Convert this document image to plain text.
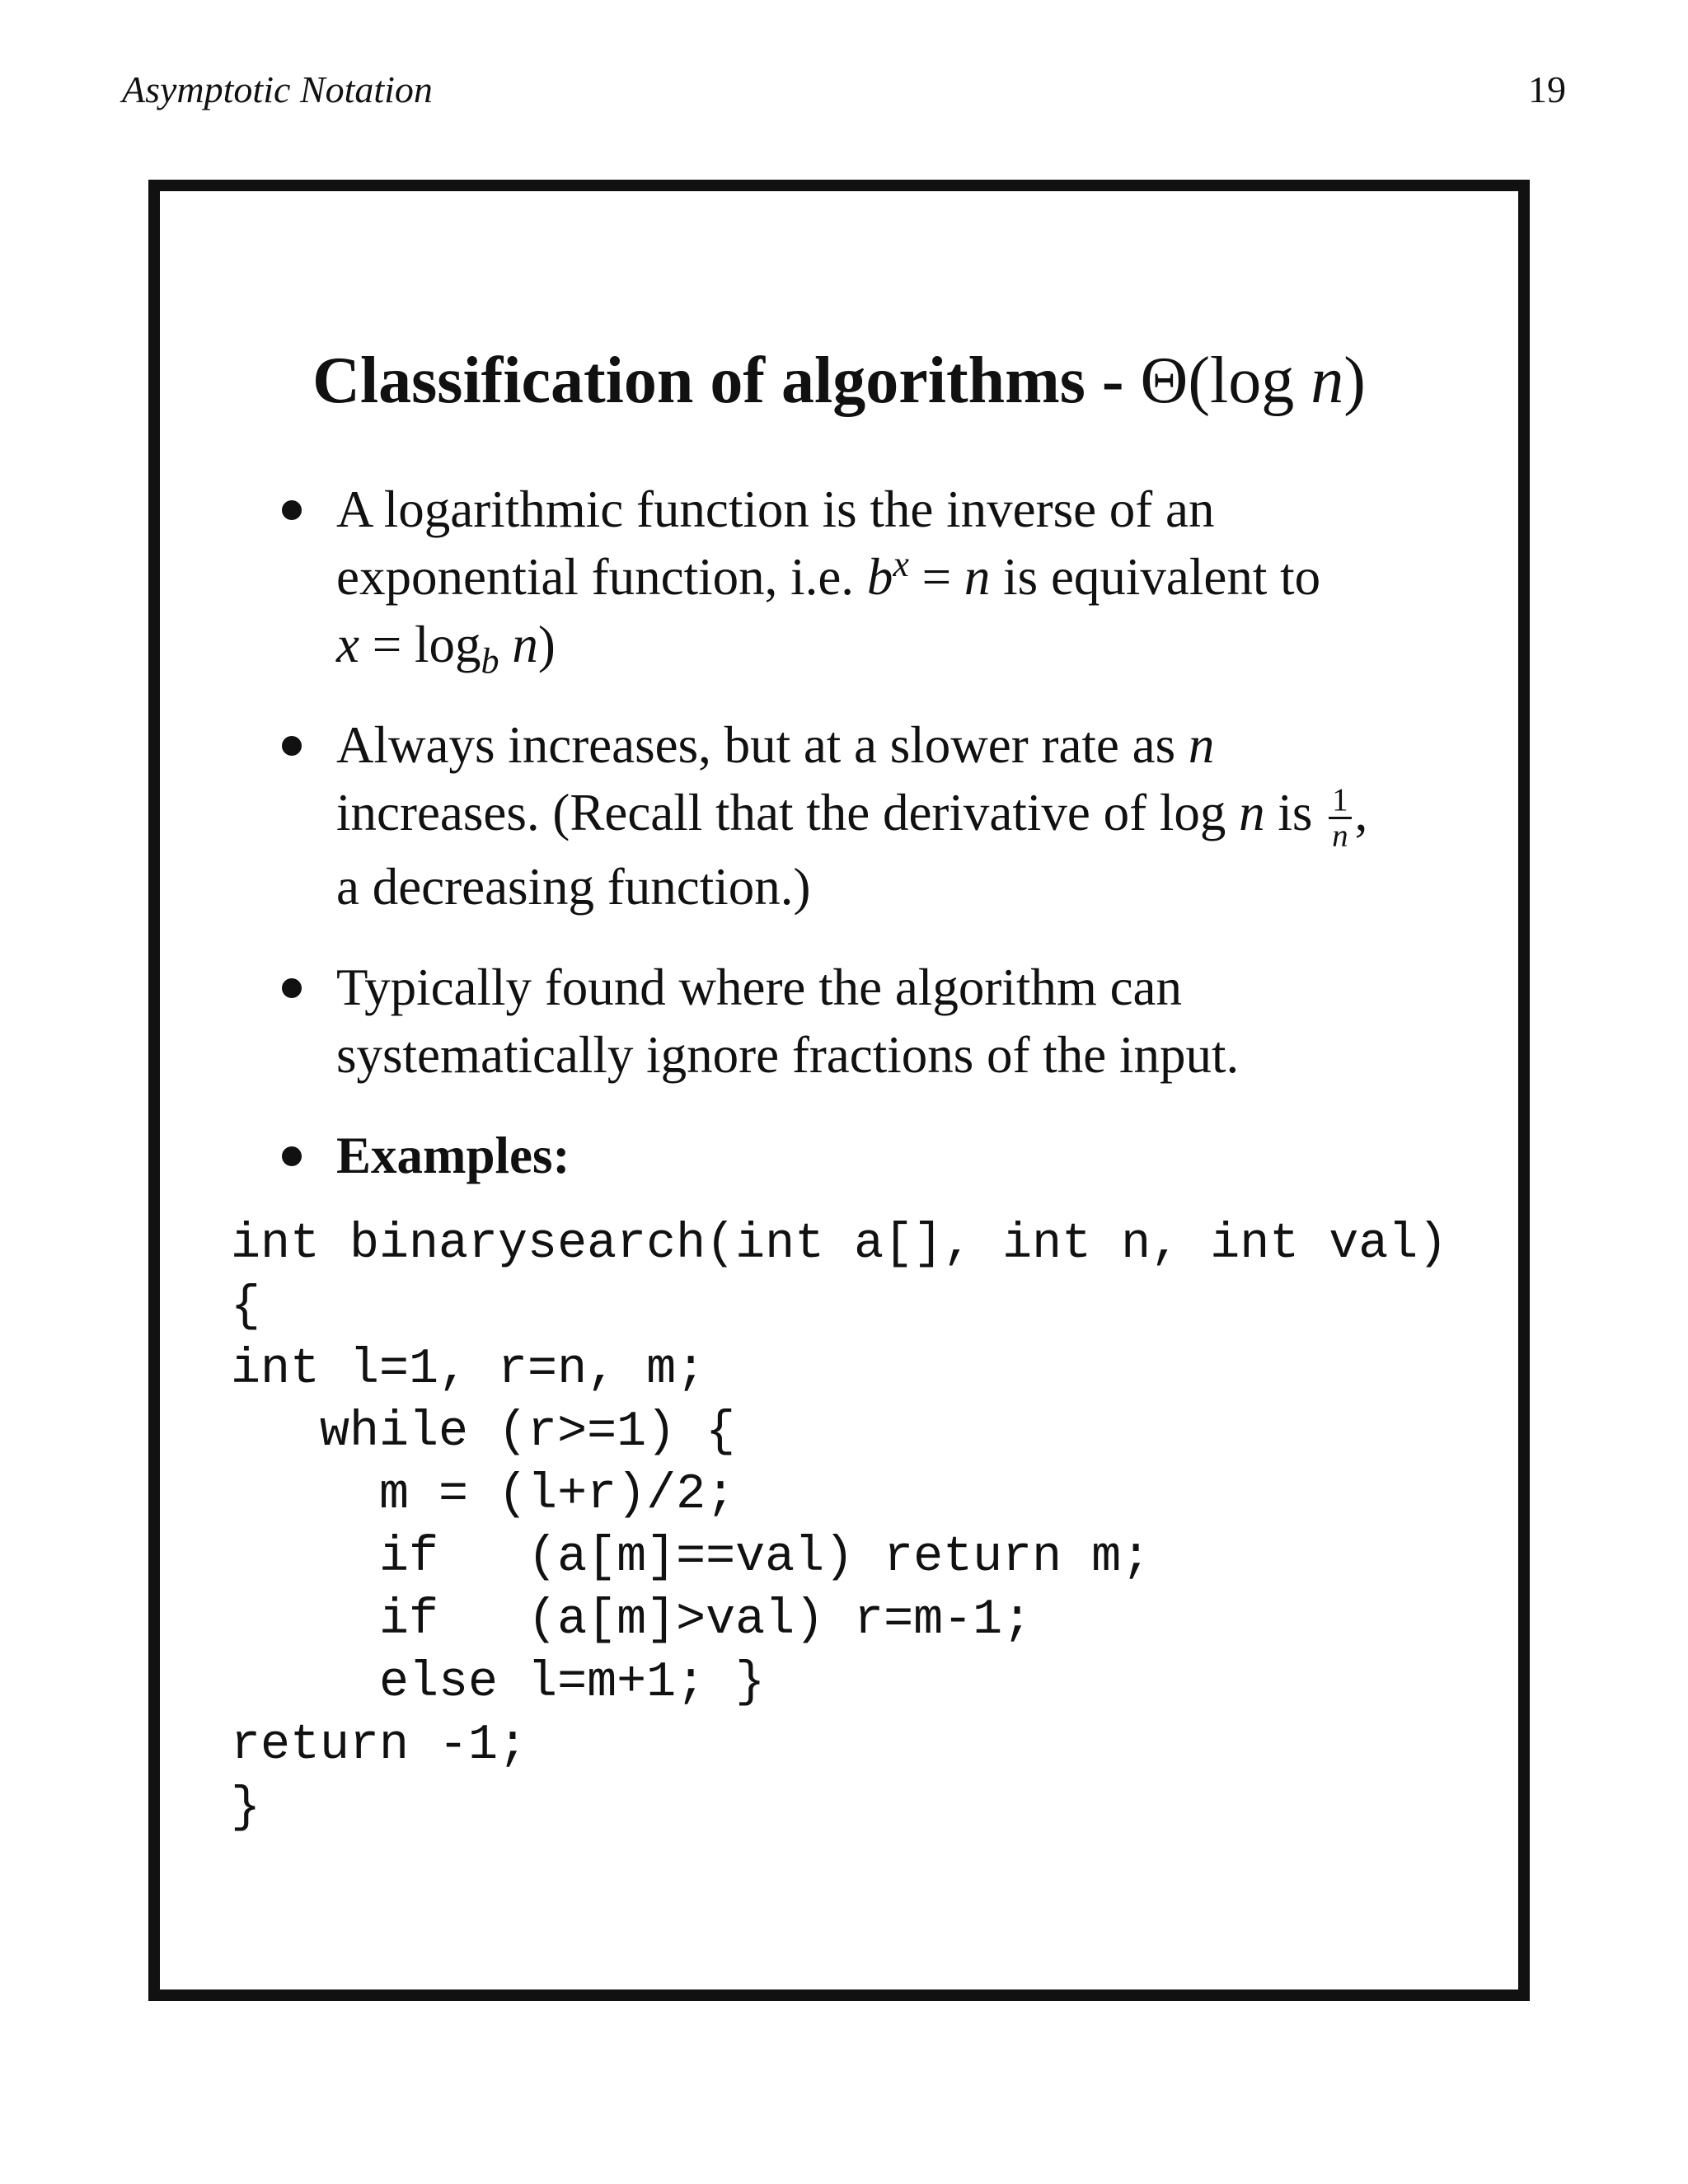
Asymptotic Notation	19
Classification of algorithms - Θ(log n)
A logarithmic function is the inverse of an
exponential function, i.e. $b^x = n$ is equivalent to
$x = \log_b n$)
Always increases, but at a slower rate as n
increases. (Recall that the derivative of log n is $\frac{1}{n}$ ,
a decreasing function.)
Typically found where the algorithm can
systematically ignore fractions of the input.
Examples:
int binarysearch(int a[], int n, int val)
{
int l=1, r=n, m;
while (r>=1) {
m = (l+r)/2;
if   (a[m]==val) return m;
if   (a[m]>val) r=m-1;
else l=m+1; }
return -1;
}
